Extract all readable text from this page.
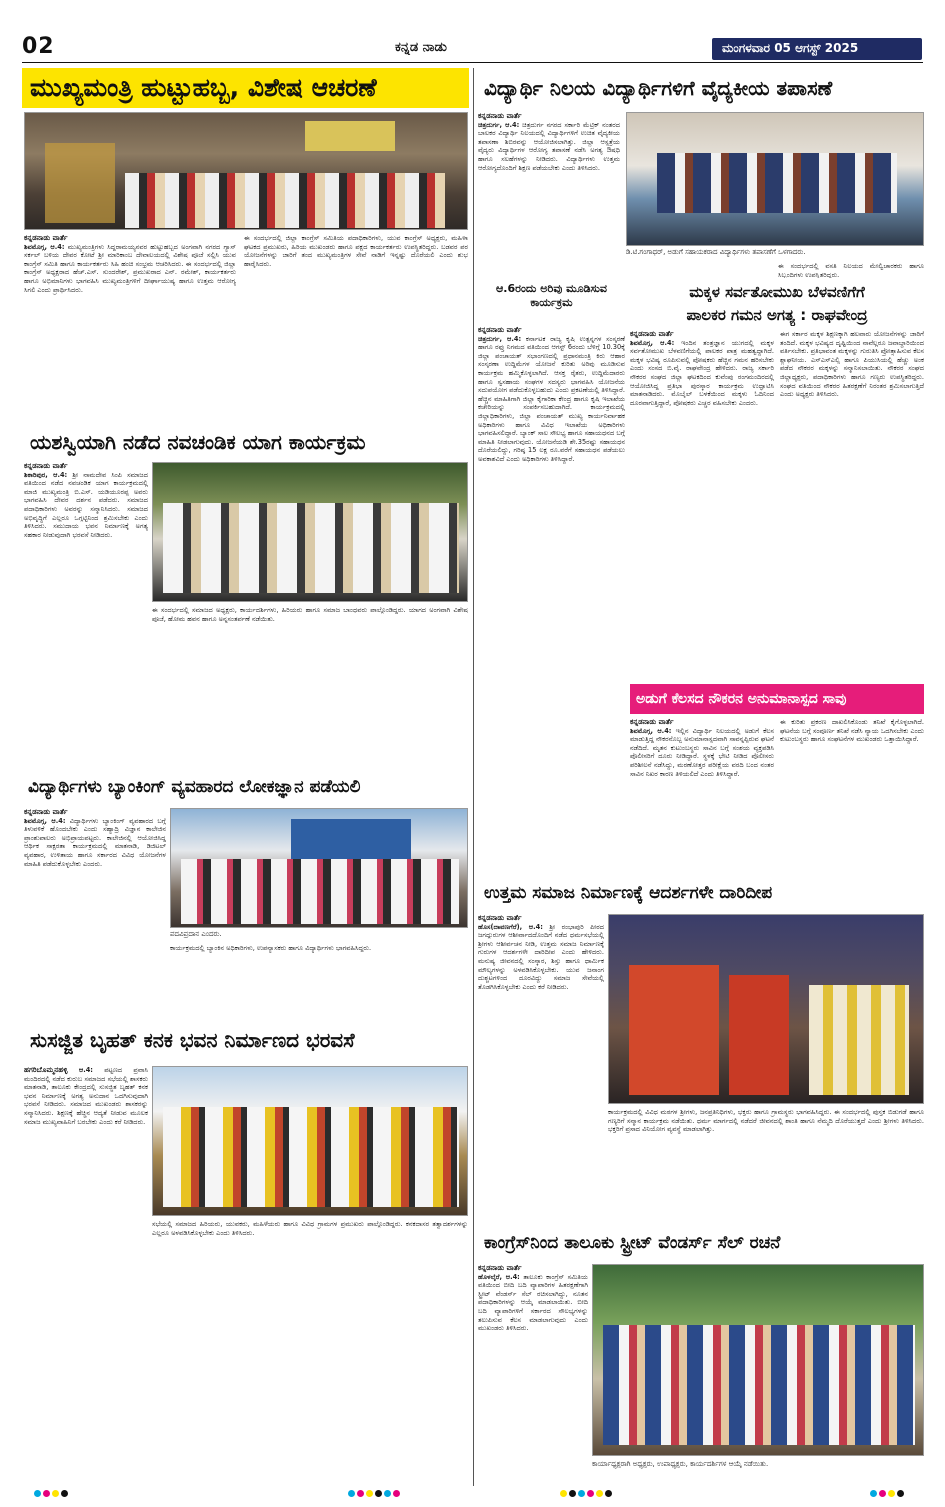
02	ಕನ್ನಡ ನಾಡು	ಮಂಗಳವಾರ 05 ಆಗಸ್ಟ್ 2025
ಮುಖ್ಯಮಂತ್ರಿ ಹುಟ್ಟುಹಬ್ಬ, ವಿಶೇಷ ಆಚರಣೆ
ಕನ್ನಡನಾಡು ವಾರ್ತೆ
ಶಿವಮೊಗ್ಗ, ಆ.4: ಮುಖ್ಯಮಂತ್ರಿಗಳು ಸಿದ್ದರಾಮಯ್ಯನವರ ಹುಟ್ಟುಹಬ್ಬದ ಅಂಗವಾಗಿ ನಗರದ ಗ್ಯಾಸ್ ಸರ್ಕಲ್ ಬಳಿಯ ದೇವರ ಕೋಟೆ ಶ್ರೀ ಮಾರಿಕಾಂಬ ದೇವಾಲಯದಲ್ಲಿ ವಿಶೇಷ ಪೂಜೆ ಸಲ್ಲಿಸಿ ಯುವ ಕಾಂಗ್ರೆಸ್ ಸಮಿತಿ ಹಾಗೂ ಕಾರ್ಯಕರ್ತರು ಸಿಹಿ ಹಂಚಿ ಸಂಭ್ರಮ ಆಚರಿಸಿದರು. ಈ ಸಂದರ್ಭದಲ್ಲಿ ಜಿಲ್ಲಾ ಕಾಂಗ್ರೆಸ್ ಅಧ್ಯಕ್ಷರಾದ ಹೆಚ್.ಎಸ್. ಸುಂದರೇಶ್, ಪ್ರಮುಖರಾದ ಎನ್. ರಮೇಶ್, ಕಾರ್ಯಕರ್ತರು ಹಾಗೂ ಅಭಿಮಾನಿಗಳು ಭಾಗವಹಿಸಿ ಮುಖ್ಯಮಂತ್ರಿಗಳಿಗೆ ದೀರ್ಘಾಯುಷ್ಯ ಹಾಗೂ ಉತ್ತಮ ಆರೋಗ್ಯ ಸಿಗಲಿ ಎಂದು ಪ್ರಾರ್ಥಿಸಿದರು.
ಈ ಸಂದರ್ಭದಲ್ಲಿ ಜಿಲ್ಲಾ ಕಾಂಗ್ರೆಸ್ ಸಮಿತಿಯ ಪದಾಧಿಕಾರಿಗಳು, ಯುವ ಕಾಂಗ್ರೆಸ್ ಅಧ್ಯಕ್ಷರು, ಮಹಿಳಾ ಘಟಕದ ಪ್ರಮುಖರು, ಹಿರಿಯ ಮುಖಂಡರು ಹಾಗೂ ಪಕ್ಷದ ಕಾರ್ಯಕರ್ತರು ಉಪಸ್ಥಿತರಿದ್ದರು. ಬಡವರ ಪರ ಯೋಜನೆಗಳನ್ನು ಜಾರಿಗೆ ತಂದ ಮುಖ್ಯಮಂತ್ರಿಗಳ ಸೇವೆ ನಾಡಿಗೆ ಇನ್ನಷ್ಟು ದೊರೆಯಲಿ ಎಂದು ಶುಭ ಹಾರೈಸಿದರು.
ವಿದ್ಯಾರ್ಥಿ ನಿಲಯ ವಿದ್ಯಾರ್ಥಿಗಳಿಗೆ ವೈದ್ಯಕೀಯ ತಪಾಸಣೆ
ಕನ್ನಡನಾಡು ವಾರ್ತೆ
ಚಿತ್ರದುರ್ಗ, ಆ.4: ಚಿತ್ರದುರ್ಗ ನಗರದ ಸರ್ಕಾರಿ ಮೆಟ್ರಿಕ್ ನಂತರದ ಬಾಲಕರ ವಿದ್ಯಾರ್ಥಿ ನಿಲಯದಲ್ಲಿ ವಿದ್ಯಾರ್ಥಿಗಳಿಗೆ ಉಚಿತ ವೈದ್ಯಕೀಯ ತಪಾಸಣಾ ಶಿಬಿರವನ್ನು ಆಯೋಜಿಸಲಾಗಿತ್ತು. ಜಿಲ್ಲಾ ಆಸ್ಪತ್ರೆಯ ವೈದ್ಯರು ವಿದ್ಯಾರ್ಥಿಗಳ ಆರೋಗ್ಯ ತಪಾಸಣೆ ನಡೆಸಿ ಅಗತ್ಯ ಔಷಧಿ ಹಾಗೂ ಸಲಹೆಗಳನ್ನು ನೀಡಿದರು. ವಿದ್ಯಾರ್ಥಿಗಳು ಉತ್ತಮ ಆರೋಗ್ಯದೊಂದಿಗೆ ಶಿಕ್ಷಣ ಪಡೆಯಬೇಕು ಎಂದು ತಿಳಿಸಿದರು.
ಡಿ.ಟಿ.ಗಂಗಾಧರ್, ಅಡುಗೆ ಸಹಾಯಕರಾದ ವಿದ್ಯಾರ್ಥಿಗಳು ತಪಾಸಣೆಗೆ ಒಳಗಾದರು.
ಈ ಸಂದರ್ಭದಲ್ಲಿ ವಸತಿ ನಿಲಯದ ಮೇಲ್ವಿಚಾರಕರು ಹಾಗೂ ಸಿಬ್ಬಂದಿಗಳು ಉಪಸ್ಥಿತರಿದ್ದರು.
ಆ.6ರಂದು ಅರಿವು ಮೂಡಿಸುವ ಕಾರ್ಯಕ್ರಮ
ಕನ್ನಡನಾಡು ವಾರ್ತೆ
ಚಿತ್ರದುರ್ಗ, ಆ.4: ಕರ್ನಾಟಕ ರಾಜ್ಯ ಕೃಷಿ ಉತ್ಪನ್ನಗಳ ಸಂಸ್ಕರಣೆ ಹಾಗೂ ರಫ್ತು ನಿಗಮದ ವತಿಯಿಂದ ಆಗಸ್ಟ್ 6ರಂದು ಬೆಳಿಗ್ಗೆ 10.30ಕ್ಕೆ ಜಿಲ್ಲಾ ಪಂಚಾಯತ್ ಸಭಾಂಗಣದಲ್ಲಿ ಪ್ರಧಾನಮಂತ್ರಿ ಕಿರು ಆಹಾರ ಸಂಸ್ಕರಣಾ ಉದ್ದಿಮೆಗಳ ಯೋಜನೆ ಕುರಿತು ಅರಿವು ಮೂಡಿಸುವ ಕಾರ್ಯಕ್ರಮ ಹಮ್ಮಿಕೊಳ್ಳಲಾಗಿದೆ. ಆಸಕ್ತ ರೈತರು, ಉದ್ದಿಮೆದಾರರು ಹಾಗೂ ಸ್ವಸಹಾಯ ಸಂಘಗಳ ಸದಸ್ಯರು ಭಾಗವಹಿಸಿ ಯೋಜನೆಯ ಸದುಪಯೋಗ ಪಡೆದುಕೊಳ್ಳಬಹುದು ಎಂದು ಪ್ರಕಟಣೆಯಲ್ಲಿ ತಿಳಿಸಿದ್ದಾರೆ. ಹೆಚ್ಚಿನ ಮಾಹಿತಿಗಾಗಿ ಜಿಲ್ಲಾ ಕೈಗಾರಿಕಾ ಕೇಂದ್ರ ಹಾಗೂ ಕೃಷಿ ಇಲಾಖೆಯ ಕಚೇರಿಯನ್ನು ಸಂಪರ್ಕಿಸಬಹುದಾಗಿದೆ. ಕಾರ್ಯಕ್ರಮದಲ್ಲಿ ಜಿಲ್ಲಾಧಿಕಾರಿಗಳು, ಜಿಲ್ಲಾ ಪಂಚಾಯತ್ ಮುಖ್ಯ ಕಾರ್ಯನಿರ್ವಾಹಕ ಅಧಿಕಾರಿಗಳು ಹಾಗೂ ವಿವಿಧ ಇಲಾಖೆಯ ಅಧಿಕಾರಿಗಳು ಭಾಗವಹಿಸಲಿದ್ದಾರೆ. ಬ್ಯಾಂಕ್ ಸಾಲ ಸೌಲಭ್ಯ ಹಾಗೂ ಸಹಾಯಧನದ ಬಗ್ಗೆ ಮಾಹಿತಿ ನೀಡಲಾಗುವುದು. ಯೋಜನೆಯಡಿ ಶೇ.35ರಷ್ಟು ಸಹಾಯಧನ ದೊರೆಯಲಿದ್ದು, ಗರಿಷ್ಠ 15 ಲಕ್ಷ ರೂ.ವರೆಗೆ ಸಹಾಯಧನ ಪಡೆಯಲು ಅವಕಾಶವಿದೆ ಎಂದು ಅಧಿಕಾರಿಗಳು ತಿಳಿಸಿದ್ದಾರೆ.
ಮಕ್ಕಳ ಸರ್ವತೋಮುಖ ಬೆಳವಣಿಗೆಗೆ
ಪಾಲಕರ ಗಮನ ಅಗತ್ಯ : ರಾಘವೇಂದ್ರ
ಕನ್ನಡನಾಡು ವಾರ್ತೆ
ಶಿವಮೊಗ್ಗ, ಆ.4: ಇಂದಿನ ತಂತ್ರಜ್ಞಾನ ಯುಗದಲ್ಲಿ ಮಕ್ಕಳ ಸರ್ವತೋಮುಖ ಬೆಳವಣಿಗೆಯಲ್ಲಿ ಪಾಲಕರ ಪಾತ್ರ ಮಹತ್ವದ್ದಾಗಿದೆ. ಮಕ್ಕಳ ಭವಿಷ್ಯ ರೂಪಿಸುವಲ್ಲಿ ಪೋಷಕರು ಹೆಚ್ಚಿನ ಗಮನ ಹರಿಸಬೇಕು ಎಂದು ಸಂಸದ ಬಿ.ವೈ. ರಾಘವೇಂದ್ರ ಹೇಳಿದರು. ರಾಜ್ಯ ಸರ್ಕಾರಿ ನೌಕರರ ಸಂಘದ ಜಿಲ್ಲಾ ಘಟಕದಿಂದ ಕುವೆಂಪು ರಂಗಮಂದಿರದಲ್ಲಿ ಆಯೋಜಿಸಿದ್ದ ಪ್ರತಿಭಾ ಪುರಸ್ಕಾರ ಕಾರ್ಯಕ್ರಮ ಉದ್ಘಾಟಿಸಿ ಮಾತನಾಡಿದರು. ಮೊಬೈಲ್ ಬಳಕೆಯಿಂದ ಮಕ್ಕಳು ಓದಿನಿಂದ ದೂರವಾಗುತ್ತಿದ್ದಾರೆ, ಪೋಷಕರು ಎಚ್ಚರ ವಹಿಸಬೇಕು ಎಂದರು.
ಈಗ ಸರ್ಕಾರ ಮಕ್ಕಳ ಶಿಕ್ಷಣಕ್ಕಾಗಿ ಹಲವಾರು ಯೋಜನೆಗಳನ್ನು ಜಾರಿಗೆ ತಂದಿದೆ. ಮಕ್ಕಳ ಭವಿಷ್ಯದ ದೃಷ್ಟಿಯಿಂದ ನಾವೆಲ್ಲರೂ ಜವಾಬ್ದಾರಿಯಿಂದ ವರ್ತಿಸಬೇಕು. ಪ್ರತಿಭಾವಂತ ಮಕ್ಕಳನ್ನು ಗುರುತಿಸಿ ಪ್ರೋತ್ಸಾಹಿಸುವ ಕೆಲಸ ಶ್ಲಾಘನೀಯ. ಎಸ್ಎಸ್ಎಲ್ಸಿ ಹಾಗೂ ಪಿಯುಸಿಯಲ್ಲಿ ಹೆಚ್ಚು ಅಂಕ ಪಡೆದ ನೌಕರರ ಮಕ್ಕಳನ್ನು ಸನ್ಮಾನಿಸಲಾಯಿತು. ನೌಕರರ ಸಂಘದ ಜಿಲ್ಲಾಧ್ಯಕ್ಷರು, ಪದಾಧಿಕಾರಿಗಳು ಹಾಗೂ ಗಣ್ಯರು ಉಪಸ್ಥಿತರಿದ್ದರು. ಸಂಘದ ವತಿಯಿಂದ ನೌಕರರ ಹಿತರಕ್ಷಣೆಗೆ ನಿರಂತರ ಶ್ರಮಿಸಲಾಗುತ್ತಿದೆ ಎಂದು ಅಧ್ಯಕ್ಷರು ತಿಳಿಸಿದರು.
ಯಶಸ್ವಿಯಾಗಿ ನಡೆದ ನವಚಂಡಿಕ ಯಾಗ ಕಾರ್ಯಕ್ರಮ
ಕನ್ನಡನಾಡು ವಾರ್ತೆ
ಶಿಕಾರಿಪುರ, ಆ.4: ಶ್ರೀ ನಾಮದೇವ ಸಿಂಪಿ ಸಮಾಜದ ವತಿಯಿಂದ ನಡೆದ ನವಚಂಡಿಕ ಯಾಗ ಕಾರ್ಯಕ್ರಮದಲ್ಲಿ ಮಾಜಿ ಮುಖ್ಯಮಂತ್ರಿ ಬಿ.ಎಸ್. ಯಡಿಯೂರಪ್ಪ ಅವರು ಭಾಗವಹಿಸಿ ದೇವರ ದರ್ಶನ ಪಡೆದರು. ಸಮಾಜದ ಪದಾಧಿಕಾರಿಗಳು ಅವರನ್ನು ಸನ್ಮಾನಿಸಿದರು. ಸಮಾಜದ ಅಭಿವೃದ್ಧಿಗೆ ಎಲ್ಲರೂ ಒಗ್ಗಟ್ಟಿನಿಂದ ಶ್ರಮಿಸಬೇಕು ಎಂದು ತಿಳಿಸಿದರು. ಸಮುದಾಯ ಭವನ ನಿರ್ಮಾಣಕ್ಕೆ ಅಗತ್ಯ ಸಹಕಾರ ನೀಡುವುದಾಗಿ ಭರವಸೆ ನೀಡಿದರು.
ಈ ಸಂದರ್ಭದಲ್ಲಿ ಸಮಾಜದ ಅಧ್ಯಕ್ಷರು, ಕಾರ್ಯದರ್ಶಿಗಳು, ಹಿರಿಯರು ಹಾಗೂ ಸಮಾಜ ಬಾಂಧವರು ಪಾಲ್ಗೊಂಡಿದ್ದರು. ಯಾಗದ ಅಂಗವಾಗಿ ವಿಶೇಷ ಪೂಜೆ, ಹೋಮ ಹವನ ಹಾಗೂ ಅನ್ನಸಂತರ್ಪಣೆ ನಡೆಯಿತು.
ಅಡುಗೆ ಕೆಲಸದ ನೌಕರನ ಅನುಮಾನಾಸ್ಪದ ಸಾವು
ಕನ್ನಡನಾಡು ವಾರ್ತೆ
ಶಿವಮೊಗ್ಗ, ಆ.4: ಇಲ್ಲಿನ ವಿದ್ಯಾರ್ಥಿ ನಿಲಯದಲ್ಲಿ ಅಡುಗೆ ಕೆಲಸ ಮಾಡುತ್ತಿದ್ದ ನೌಕರನೊಬ್ಬ ಅನುಮಾನಾಸ್ಪದವಾಗಿ ಸಾವನ್ನಪ್ಪಿರುವ ಘಟನೆ ನಡೆದಿದೆ. ಮೃತನ ಕುಟುಂಬಸ್ಥರು ಸಾವಿನ ಬಗ್ಗೆ ಸಂಶಯ ವ್ಯಕ್ತಪಡಿಸಿ ಪೊಲೀಸರಿಗೆ ದೂರು ನೀಡಿದ್ದಾರೆ. ಸ್ಥಳಕ್ಕೆ ಭೇಟಿ ನೀಡಿದ ಪೊಲೀಸರು ಪರಿಶೀಲನೆ ನಡೆಸಿದ್ದು, ಮರಣೋತ್ತರ ಪರೀಕ್ಷೆಯ ವರದಿ ಬಂದ ನಂತರ ಸಾವಿನ ನಿಖರ ಕಾರಣ ತಿಳಿಯಲಿದೆ ಎಂದು ತಿಳಿಸಿದ್ದಾರೆ.
ಈ ಕುರಿತು ಪ್ರಕರಣ ದಾಖಲಿಸಿಕೊಂಡು ತನಿಖೆ ಕೈಗೊಳ್ಳಲಾಗಿದೆ. ಘಟನೆಯ ಬಗ್ಗೆ ಸಂಪೂರ್ಣ ತನಿಖೆ ನಡೆಸಿ ನ್ಯಾಯ ಒದಗಿಸಬೇಕು ಎಂದು ಕುಟುಂಬಸ್ಥರು ಹಾಗೂ ಸಂಘಟನೆಗಳ ಮುಖಂಡರು ಒತ್ತಾಯಿಸಿದ್ದಾರೆ.
ವಿದ್ಯಾರ್ಥಿಗಳು ಬ್ಯಾಂಕಿಂಗ್ ವ್ಯವಹಾರದ ಲೋಕಜ್ಞಾನ ಪಡೆಯಲಿ
ಕನ್ನಡನಾಡು ವಾರ್ತೆ
ಶಿವಮೊಗ್ಗ, ಆ.4: ವಿದ್ಯಾರ್ಥಿಗಳು ಬ್ಯಾಂಕಿಂಗ್ ವ್ಯವಹಾರದ ಬಗ್ಗೆ ತಿಳುವಳಿಕೆ ಹೊಂದಬೇಕು ಎಂದು ಸಹ್ಯಾದ್ರಿ ವಿಜ್ಞಾನ ಕಾಲೇಜಿನ ಪ್ರಾಂಶುಪಾಲರು ಅಭಿಪ್ರಾಯಪಟ್ಟರು. ಕಾಲೇಜಿನಲ್ಲಿ ಆಯೋಜಿಸಿದ್ದ ಆರ್ಥಿಕ ಸಾಕ್ಷರತಾ ಕಾರ್ಯಕ್ರಮದಲ್ಲಿ ಮಾತನಾಡಿ, ಡಿಜಿಟಲ್ ವ್ಯವಹಾರ, ಉಳಿತಾಯ ಹಾಗೂ ಸರ್ಕಾರದ ವಿವಿಧ ಯೋಜನೆಗಳ ಮಾಹಿತಿ ಪಡೆದುಕೊಳ್ಳಬೇಕು ಎಂದರು.
ಪದವಿಪ್ರದಾನ ಎಂದರು.
ಕಾರ್ಯಕ್ರಮದಲ್ಲಿ ಬ್ಯಾಂಕಿನ ಅಧಿಕಾರಿಗಳು, ಉಪನ್ಯಾಸಕರು ಹಾಗೂ ವಿದ್ಯಾರ್ಥಿಗಳು ಭಾಗವಹಿಸಿದ್ದರು.
ಉತ್ತಮ ಸಮಾಜ ನಿರ್ಮಾಣಕ್ಕೆ ಆದರ್ಶಗಳೇ ದಾರಿದೀಪ
ಕನ್ನಡನಾಡು ವಾರ್ತೆ
ಹೊಸ(ದಾವಣಗೆರೆ), ಆ.4: ಶ್ರೀ ರಂಭಾಪುರಿ ಪೀಠದ ಜಗದ್ಗುರುಗಳ ಆಶೀರ್ವಾದದೊಂದಿಗೆ ನಡೆದ ಧರ್ಮಸಭೆಯಲ್ಲಿ ಶ್ರೀಗಳು ಆಶೀರ್ವಚನ ನೀಡಿ, ಉತ್ತಮ ಸಮಾಜ ನಿರ್ಮಾಣಕ್ಕೆ ಗುರುಗಳ ಆದರ್ಶಗಳೇ ದಾರಿದೀಪ ಎಂದು ಹೇಳಿದರು. ಮನುಷ್ಯ ಜೀವನದಲ್ಲಿ ಸಂಸ್ಕಾರ, ಶಿಸ್ತು ಹಾಗೂ ಧಾರ್ಮಿಕ ಮೌಲ್ಯಗಳನ್ನು ಅಳವಡಿಸಿಕೊಳ್ಳಬೇಕು. ಯುವ ಜನಾಂಗ ದುಶ್ಚಟಗಳಿಂದ ದೂರವಿದ್ದು ಸಮಾಜ ಸೇವೆಯಲ್ಲಿ ತೊಡಗಿಸಿಕೊಳ್ಳಬೇಕು ಎಂದು ಕರೆ ನೀಡಿದರು.
ಕಾರ್ಯಕ್ರಮದಲ್ಲಿ ವಿವಿಧ ಮಠಗಳ ಶ್ರೀಗಳು, ಜನಪ್ರತಿನಿಧಿಗಳು, ಭಕ್ತರು ಹಾಗೂ ಗ್ರಾಮಸ್ಥರು ಭಾಗವಹಿಸಿದ್ದರು. ಈ ಸಂದರ್ಭದಲ್ಲಿ ಪುಸ್ತಕ ಬಿಡುಗಡೆ ಹಾಗೂ ಗಣ್ಯರಿಗೆ ಸನ್ಮಾನ ಕಾರ್ಯಕ್ರಮ ನಡೆಯಿತು. ಧರ್ಮ ಮಾರ್ಗದಲ್ಲಿ ನಡೆದರೆ ಜೀವನದಲ್ಲಿ ಶಾಂತಿ ಹಾಗೂ ನೆಮ್ಮದಿ ದೊರೆಯುತ್ತದೆ ಎಂದು ಶ್ರೀಗಳು ತಿಳಿಸಿದರು. ಭಕ್ತರಿಗೆ ಪ್ರಸಾದ ವಿನಿಯೋಗ ವ್ಯವಸ್ಥೆ ಮಾಡಲಾಗಿತ್ತು.
ಸುಸಜ್ಜಿತ ಬೃಹತ್ ಕನಕ ಭವನ ನಿರ್ಮಾಣದ ಭರವಸೆ
ಹಗರಿಬೊಮ್ಮನಹಳ್ಳಿ ಆ.4: ಪಟ್ಟಣದ ಪ್ರವಾಸಿ ಮಂದಿರದಲ್ಲಿ ನಡೆದ ಕುರುಬ ಸಮಾಜದ ಸಭೆಯಲ್ಲಿ ಶಾಸಕರು ಮಾತನಾಡಿ, ತಾಲೂಕು ಕೇಂದ್ರದಲ್ಲಿ ಸುಸಜ್ಜಿತ ಬೃಹತ್ ಕನಕ ಭವನ ನಿರ್ಮಾಣಕ್ಕೆ ಅಗತ್ಯ ಅನುದಾನ ಒದಗಿಸುವುದಾಗಿ ಭರವಸೆ ನೀಡಿದರು. ಸಮಾಜದ ಮುಖಂಡರು ಶಾಸಕರನ್ನು ಸನ್ಮಾನಿಸಿದರು. ಶಿಕ್ಷಣಕ್ಕೆ ಹೆಚ್ಚಿನ ಆದ್ಯತೆ ನೀಡುವ ಮೂಲಕ ಸಮಾಜ ಮುಖ್ಯವಾಹಿನಿಗೆ ಬರಬೇಕು ಎಂದು ಕರೆ ನೀಡಿದರು.
ಸಭೆಯಲ್ಲಿ ಸಮಾಜದ ಹಿರಿಯರು, ಯುವಕರು, ಮಹಿಳೆಯರು ಹಾಗೂ ವಿವಿಧ ಗ್ರಾಮಗಳ ಪ್ರಮುಖರು ಪಾಲ್ಗೊಂಡಿದ್ದರು. ಕನಕದಾಸರ ತತ್ವಾದರ್ಶಗಳನ್ನು ಎಲ್ಲರೂ ಅಳವಡಿಸಿಕೊಳ್ಳಬೇಕು ಎಂದು ತಿಳಿಸಿದರು.
ಕಾಂಗ್ರೆಸ್‌ನಿಂದ ತಾಲೂಕು ಸ್ಟ್ರೀಟ್ ವೆಂಡರ್ಸ್ ಸೆಲ್ ರಚನೆ
ಕನ್ನಡನಾಡು ವಾರ್ತೆ
ಹೊಳಲ್ಕೆರೆ, ಆ.4: ತಾಲೂಕು ಕಾಂಗ್ರೆಸ್ ಸಮಿತಿಯ ವತಿಯಿಂದ ಬೀದಿ ಬದಿ ವ್ಯಾಪಾರಿಗಳ ಹಿತರಕ್ಷಣೆಗಾಗಿ ಸ್ಟ್ರೀಟ್ ವೆಂಡರ್ಸ್ ಸೆಲ್ ರಚಿಸಲಾಗಿದ್ದು, ನೂತನ ಪದಾಧಿಕಾರಿಗಳನ್ನು ಆಯ್ಕೆ ಮಾಡಲಾಯಿತು. ಬೀದಿ ಬದಿ ವ್ಯಾಪಾರಿಗಳಿಗೆ ಸರ್ಕಾರದ ಸೌಲಭ್ಯಗಳನ್ನು ತಲುಪಿಸುವ ಕೆಲಸ ಮಾಡಲಾಗುವುದು ಎಂದು ಮುಖಂಡರು ತಿಳಿಸಿದರು.
ಕಾರ್ಯಾಧ್ಯಕ್ಷರಾಗಿ ಅಧ್ಯಕ್ಷರು, ಉಪಾಧ್ಯಕ್ಷರು, ಕಾರ್ಯದರ್ಶಿಗಳ ಆಯ್ಕೆ ನಡೆಯಿತು.
